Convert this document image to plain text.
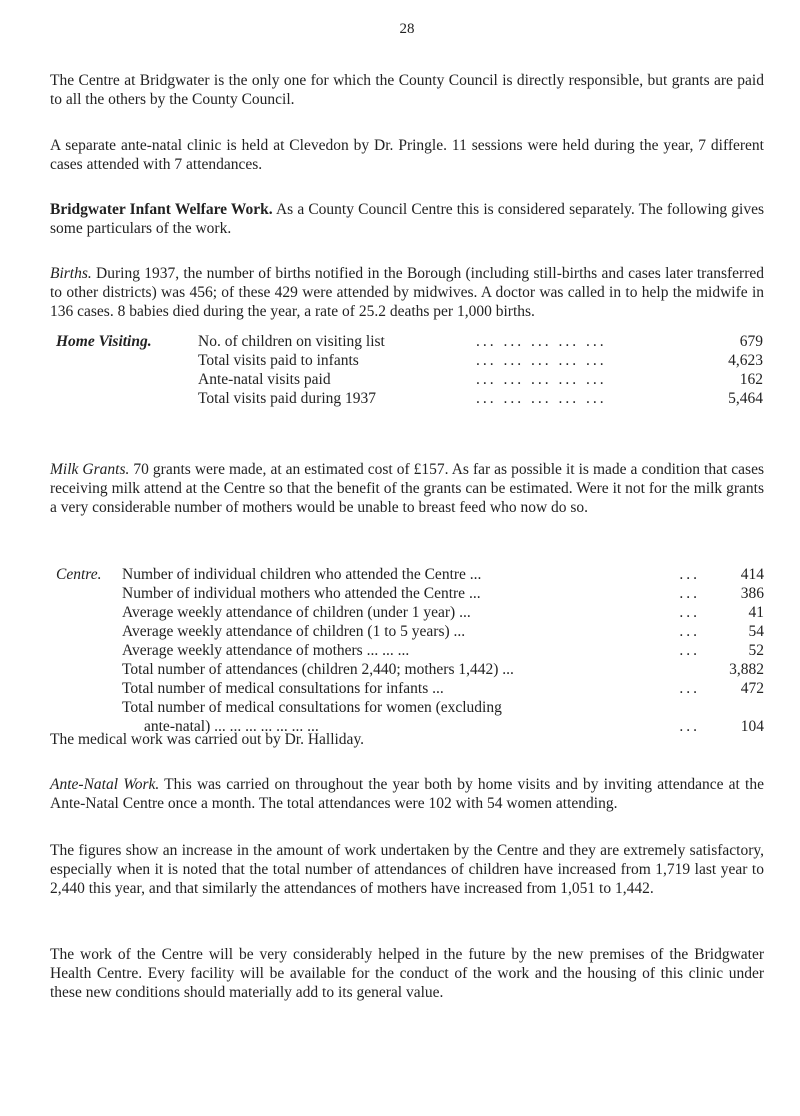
28

The Centre at Bridgwater is the only one for which the County Council is directly responsible, but grants are paid to all the others by the County Council.

A separate ante-natal clinic is held at Clevedon by Dr. Pringle. 11 sessions were held during the year, 7 different cases attended with 7 attendances.

Bridgwater Infant Welfare Work. As a County Council Centre this is considered separately. The following gives some particulars of the work.

Births. During 1937, the number of births notified in the Borough (including still-births and cases later transferred to other districts) was 456; of these 429 were attended by midwives. A doctor was called in to help the midwife in 136 cases. 8 babies died during the year, a rate of 25.2 deaths per 1,000 births.

Home Visiting.	No. of children on visiting list	... ... ... ... ...	679
Total visits paid to infants	... ... ... ... ...	4,623
Ante-natal visits paid	... ... ... ... ...	162
Total visits paid during 1937	... ... ... ... ...	5,464

Milk Grants. 70 grants were made, at an estimated cost of £157. As far as possible it is made a condition that cases receiving milk attend at the Centre so that the benefit of the grants can be estimated. Were it not for the milk grants a very considerable number of mothers would be unable to breast feed who now do so.

Centre. Number of individual children who attended the Centre ...	...	414
Number of individual mothers who attended the Centre ...	...	386
Average weekly attendance of children (under 1 year) ...	...	41
Average weekly attendance of children (1 to 5 years) ...	...	54
Average weekly attendance of mothers ... ... ...	...	52
Total number of attendances (children 2,440; mothers 1,442) ...	3,882
Total number of medical consultations for infants ...	...	472
Total number of medical consultations for women (excluding
ante-natal) ... ... ... ... ... ... ...	...	104

The medical work was carried out by Dr. Halliday.

Ante-Natal Work. This was carried on throughout the year both by home visits and by inviting attendance at the Ante-Natal Centre once a month. The total attendances were 102 with 54 women attending.

The figures show an increase in the amount of work undertaken by the Centre and they are extremely satisfactory, especially when it is noted that the total number of attendances of children have increased from 1,719 last year to 2,440 this year, and that similarly the attendances of mothers have increased from 1,051 to 1,442.

The work of the Centre will be very considerably helped in the future by the new premises of the Bridgwater Health Centre. Every facility will be available for the conduct of the work and the housing of this clinic under these new conditions should materially add to its general value.
